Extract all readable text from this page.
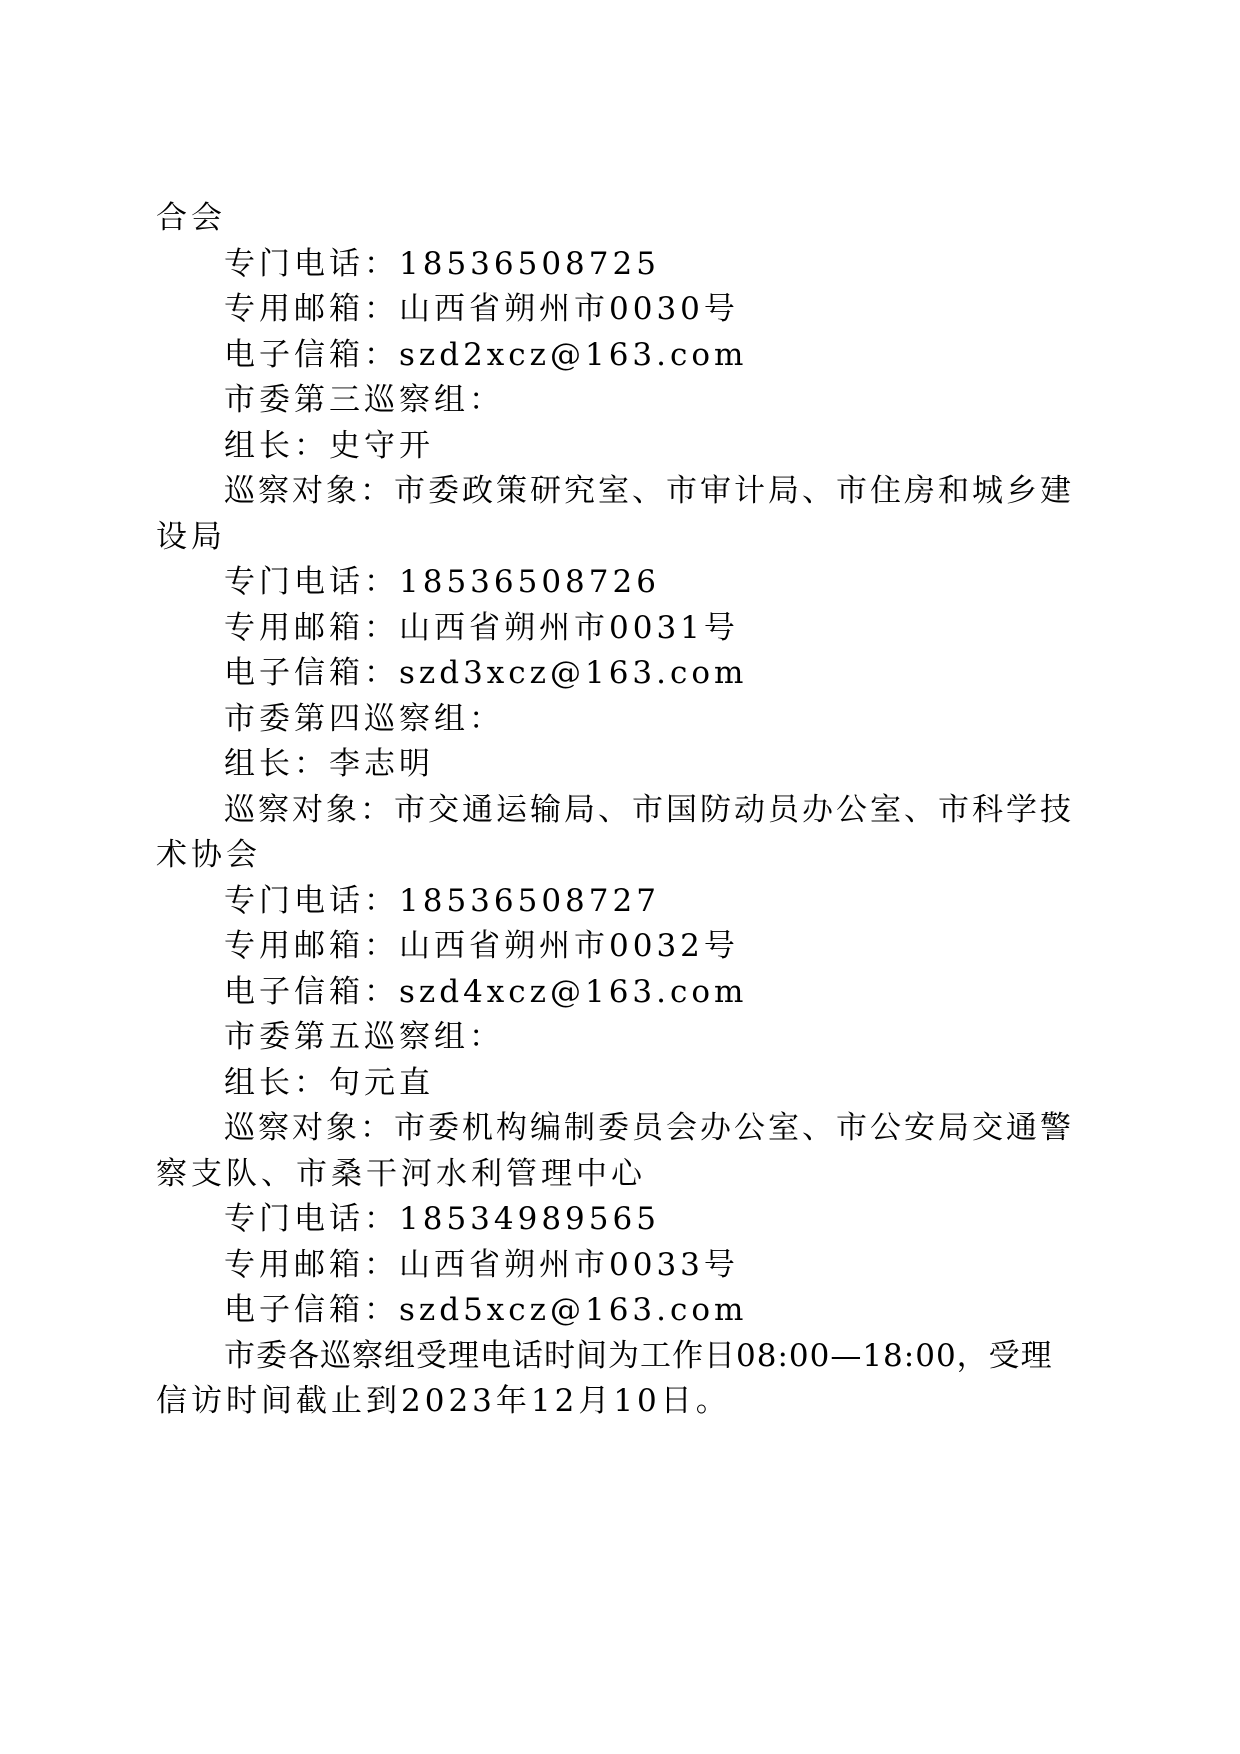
合会
专门电话：18536508725
专用邮箱：山西省朔州市0030号
电子信箱：szd2xcz@163.com
市委第三巡察组：
组长：史守开
巡察对象：市委政策研究室、市审计局、市住房和城乡建
设局
专门电话：18536508726
专用邮箱：山西省朔州市0031号
电子信箱：szd3xcz@163.com
市委第四巡察组：
组长：李志明
巡察对象：市交通运输局、市国防动员办公室、市科学技
术协会
专门电话：18536508727
专用邮箱：山西省朔州市0032号
电子信箱：szd4xcz@163.com
市委第五巡察组：
组长：句元直
巡察对象：市委机构编制委员会办公室、市公安局交通警
察支队、市桑干河水利管理中心
专门电话：18534989565
专用邮箱：山西省朔州市0033号
电子信箱：szd5xcz@163.com
市委各巡察组受理电话时间为工作日08:00—18:00，受理
信访时间截止到2023年12月10日。
